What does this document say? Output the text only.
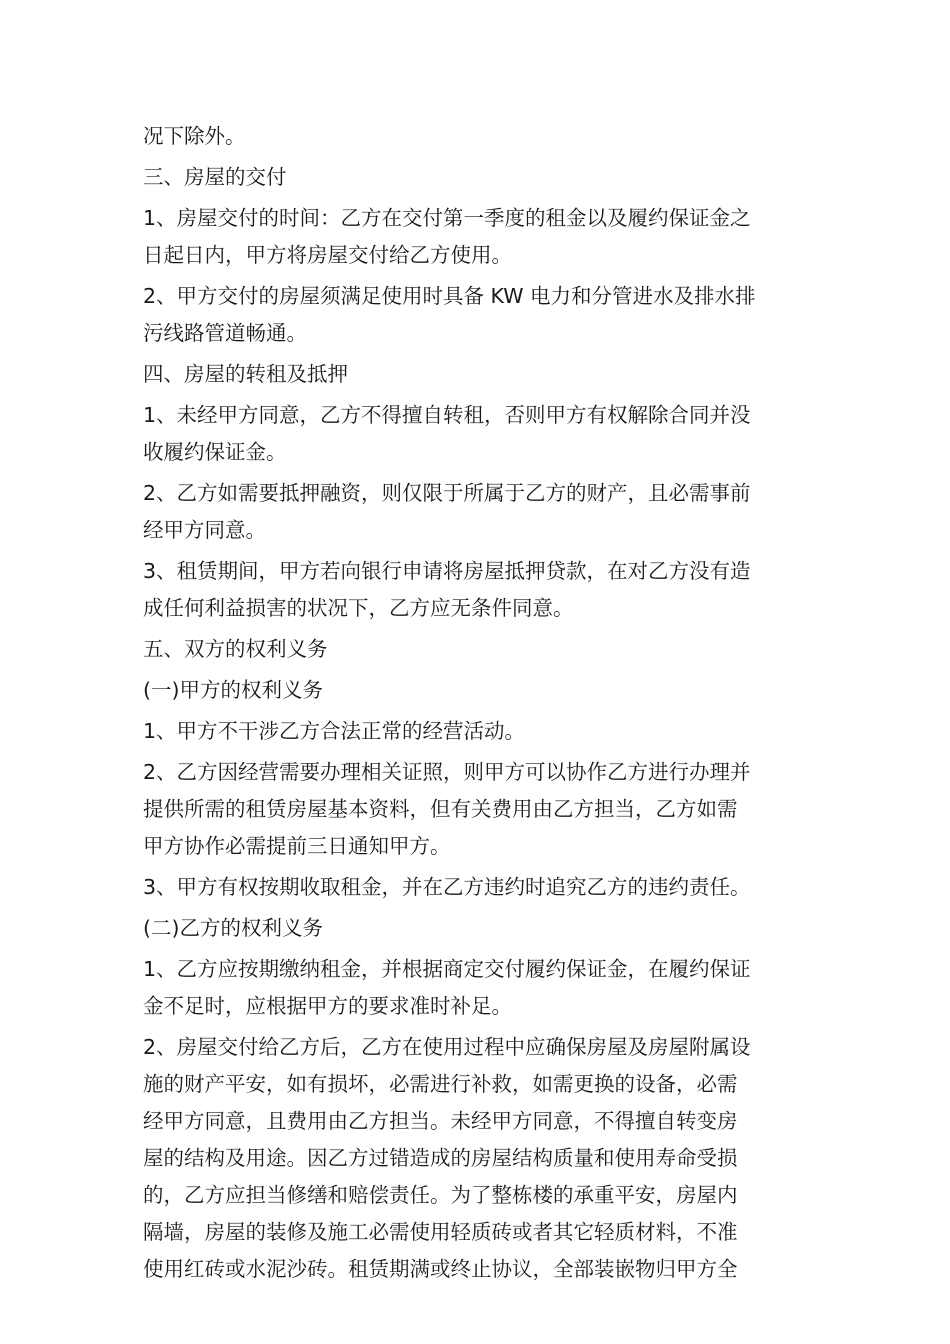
况下除外。
三、房屋的交付
1、房屋交付的时间：乙方在交付第一季度的租金以及履约保证金之
日起日内，甲方将房屋交付给乙方使用。
2、甲方交付的房屋须满足使用时具备 KW 电力和分管进水及排水排
污线路管道畅通。
四、房屋的转租及抵押
1、未经甲方同意，乙方不得擅自转租，否则甲方有权解除合同并没
收履约保证金。
2、乙方如需要抵押融资，则仅限于所属于乙方的财产，且必需事前
经甲方同意。
3、租赁期间，甲方若向银行申请将房屋抵押贷款，在对乙方没有造
成任何利益损害的状况下，乙方应无条件同意。
五、双方的权利义务
(一)甲方的权利义务
1、甲方不干涉乙方合法正常的经营活动。
2、乙方因经营需要办理相关证照，则甲方可以协作乙方进行办理并
提供所需的租赁房屋基本资料，但有关费用由乙方担当，乙方如需
甲方协作必需提前三日通知甲方。
3、甲方有权按期收取租金，并在乙方违约时追究乙方的违约责任。
(二)乙方的权利义务
1、乙方应按期缴纳租金，并根据商定交付履约保证金，在履约保证
金不足时，应根据甲方的要求准时补足。
2、房屋交付给乙方后，乙方在使用过程中应确保房屋及房屋附属设
施的财产平安，如有损坏，必需进行补救，如需更换的设备，必需
经甲方同意，且费用由乙方担当。未经甲方同意，不得擅自转变房
屋的结构及用途。因乙方过错造成的房屋结构质量和使用寿命受损
的，乙方应担当修缮和赔偿责任。为了整栋楼的承重平安，房屋内
隔墙，房屋的装修及施工必需使用轻质砖或者其它轻质材料，不准
使用红砖或水泥沙砖。租赁期满或终止协议，全部装嵌物归甲方全
